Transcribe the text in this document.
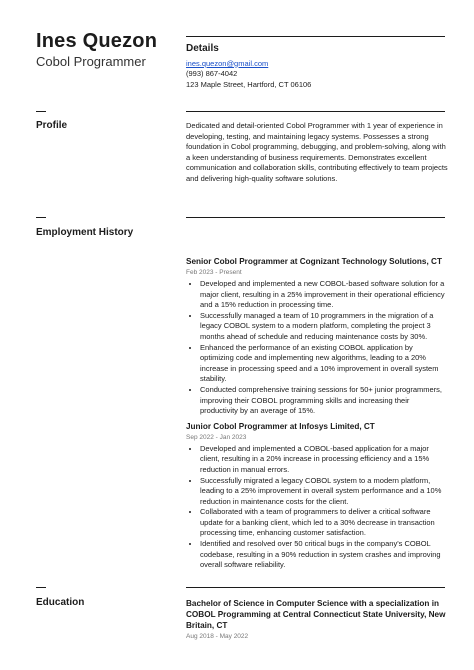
Ines Quezon
Cobol Programmer
Details
ines.quezon@gmail.com
(993) 867-4042
123 Maple Street, Hartford, CT 06106
Profile	Dedicated and detail-oriented Cobol Programmer with 1 year of experience in developing, testing, and maintaining legacy systems. Possesses a strong foundation in Cobol programming, debugging, and problem-solving, along with a keen understanding of business requirements. Demonstrates excellent communication and collaboration skills, contributing effectively to team projects and delivering high-quality software solutions.
Employment History
Senior Cobol Programmer at Cognizant Technology Solutions, CT
Feb 2023 - Present
• Developed and implemented a new COBOL-based software solution for a major client, resulting in a 25% improvement in their operational efficiency and a 15% reduction in processing time.
• Successfully managed a team of 10 programmers in the migration of a legacy COBOL system to a modern platform, completing the project 3 months ahead of schedule and reducing maintenance costs by 30%.
• Enhanced the performance of an existing COBOL application by optimizing code and implementing new algorithms, leading to a 20% increase in processing speed and a 10% improvement in overall system stability.
• Conducted comprehensive training sessions for 50+ junior programmers, improving their COBOL programming skills and increasing their productivity by an average of 15%.
Junior Cobol Programmer at Infosys Limited, CT
Sep 2022 - Jan 2023
• Developed and implemented a COBOL-based application for a major client, resulting in a 20% increase in processing efficiency and a 15% reduction in manual errors.
• Successfully migrated a legacy COBOL system to a modern platform, leading to a 25% improvement in overall system performance and a 10% reduction in maintenance costs for the client.
• Collaborated with a team of programmers to deliver a critical software update for a banking client, which led to a 30% decrease in transaction processing time, enhancing customer satisfaction.
• Identified and resolved over 50 critical bugs in the company's COBOL codebase, resulting in a 90% reduction in system crashes and improving overall software reliability.
Education	Bachelor of Science in Computer Science with a specialization in COBOL Programming at Central Connecticut State University, New Britain, CT
Aug 2018 - May 2022
